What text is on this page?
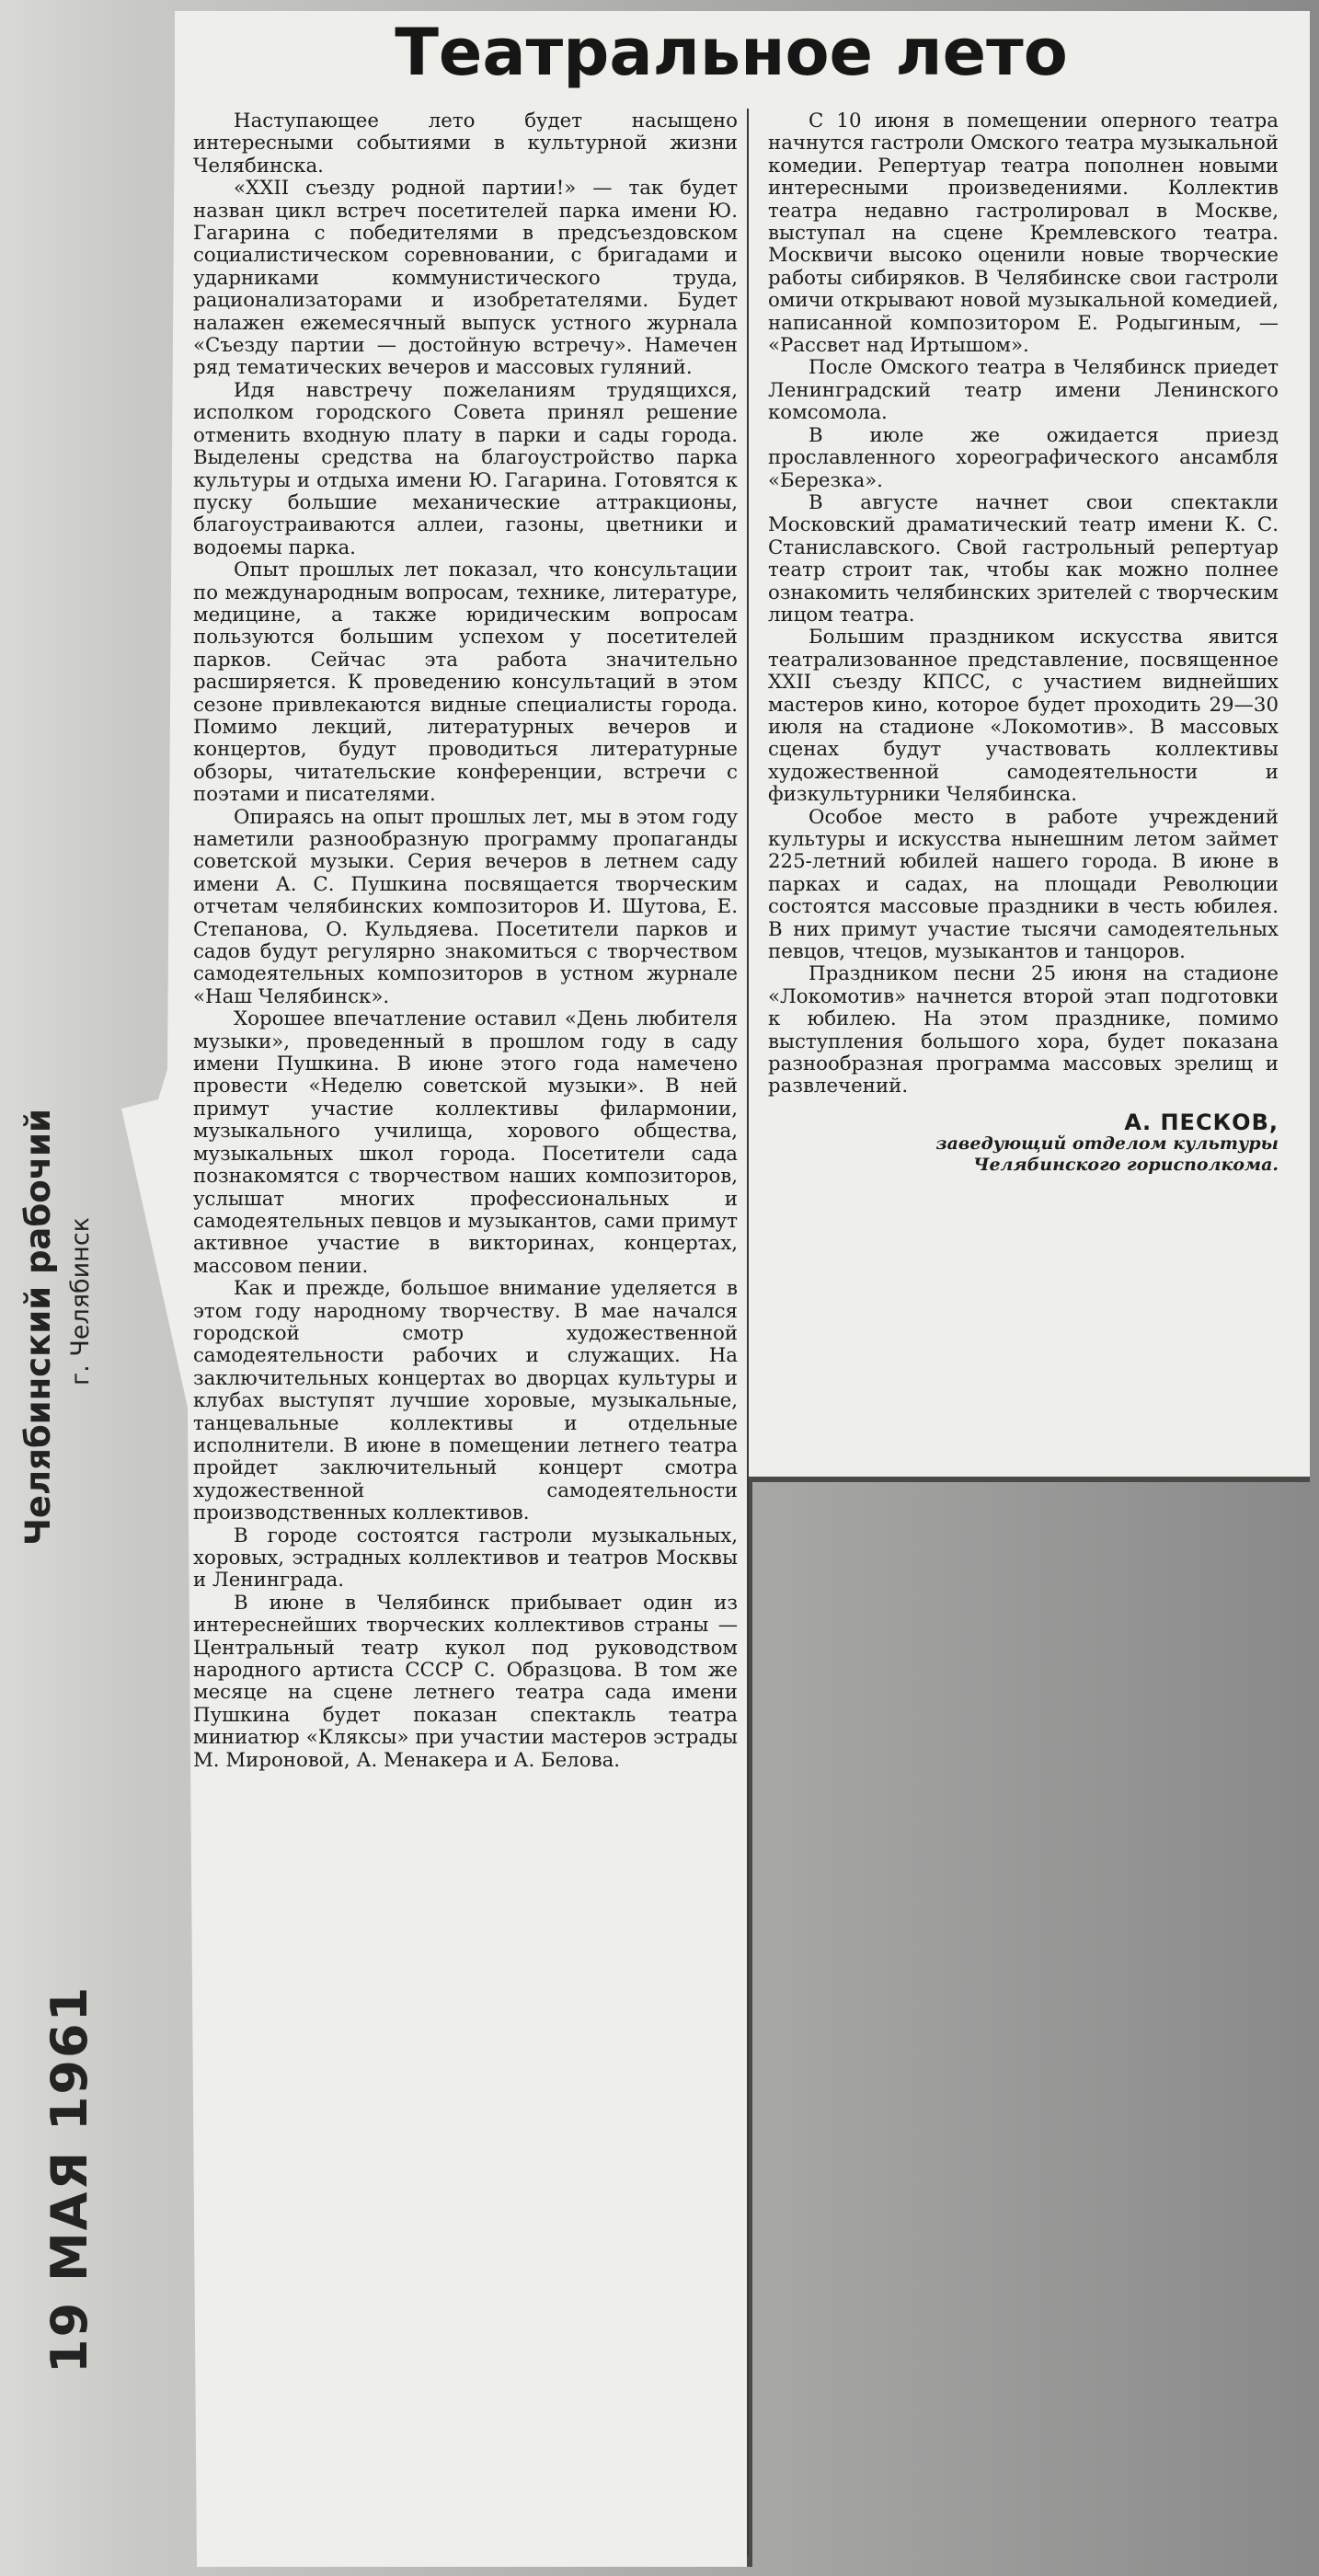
Челябинский рабочий г. Челябинск
19 МАЯ 1961
Театральное лето

Наступающее лето будет насыщено интересными событиями в культурной жизни Челябинска.

«XXII съезду родной партии!» — так будет назван цикл встреч посетителей парка имени Ю. Гагарина с победителями в предсъездовском социалистическом соревновании, с бригадами и ударниками коммунистического труда, рационализаторами и изобретателями. Будет налажен ежемесячный выпуск устного журнала «Съезду партии — достойную встречу». Намечен ряд тематических вечеров и массовых гуляний.

Идя навстречу пожеланиям трудящихся, исполком городского Совета принял решение отменить входную плату в парки и сады города. Выделены средства на благоустройство парка культуры и отдыха имени Ю. Гагарина. Готовятся к пуску большие механические аттракционы, благоустраиваются аллеи, газоны, цветники и водоемы парка.

Опыт прошлых лет показал, что консультации по международным вопросам, технике, литературе, медицине, а также юридическим вопросам пользуются большим успехом у посетителей парков. Сейчас эта работа значительно расширяется. К проведению консультаций в этом сезоне привлекаются видные специалисты города. Помимо лекций, литературных вечеров и концертов, будут проводиться литературные обзоры, читательские конференции, встречи с поэтами и писателями.

Опираясь на опыт прошлых лет, мы в этом году наметили разнообразную программу пропаганды советской музыки. Серия вечеров в летнем саду имени А. С. Пушкина посвящается творческим отчетам челябинских композиторов И. Шутова, Е. Степанова, О. Кульдяева. Посетители парков и садов будут регулярно знакомиться с творчеством самодеятельных композиторов в устном журнале «Наш Челябинск».

Хорошее впечатление оставил «День любителя музыки», проведенный в прошлом году в саду имени Пушкина. В июне этого года намечено провести «Неделю советской музыки». В ней примут участие коллективы филармонии, музыкального училища, хорового общества, музыкальных школ города. Посетители сада познакомятся с творчеством наших композиторов, услышат многих профессиональных и самодеятельных певцов и музыкантов, сами примут активное участие в викторинах, концертах, массовом пении.

Как и прежде, большое внимание уделяется в этом году народному творчеству. В мае начался городской смотр художественной самодеятельности рабочих и служащих. На заключительных концертах во дворцах культуры и клубах выступят лучшие хоровые, музыкальные, танцевальные коллективы и отдельные исполнители. В июне в помещении летнего театра пройдет заключительный концерт смотра художественной самодеятельности производственных коллективов.

В городе состоятся гастроли музыкальных, хоровых, эстрадных коллективов и театров Москвы и Ленинграда.

В июне в Челябинск прибывает один из интереснейших творческих коллективов страны — Центральный театр кукол под руководством народного артиста СССР С. Образцова. В том же месяце на сцене летнего театра сада имени Пушкина будет показан спектакль театра миниатюр «Кляксы» при участии мастеров эстрады М. Мироновой, А. Менакера и А. Белова.

С 10 июня в помещении оперного театра начнутся гастроли Омского театра музыкальной комедии. Репертуар театра пополнен новыми интересными произведениями. Коллектив театра недавно гастролировал в Москве, выступал на сцене Кремлевского театра. Москвичи высоко оценили новые творческие работы сибиряков. В Челябинске свои гастроли омичи открывают новой музыкальной комедией, написанной композитором Е. Родыгиным, — «Рассвет над Иртышом».

После Омского театра в Челябинск приедет Ленинградский театр имени Ленинского комсомола.

В июле же ожидается приезд прославленного хореографического ансамбля «Березка».

В августе начнет свои спектакли Московский драматический театр имени К. С. Станиславского. Свой гастрольный репертуар театр строит так, чтобы как можно полнее ознакомить челябинских зрителей с творческим лицом театра.

Большим праздником искусства явится театрализованное представление, посвященное XXII съезду КПСС, с участием виднейших мастеров кино, которое будет проходить 29—30 июля на стадионе «Локомотив». В массовых сценах будут участвовать коллективы художественной самодеятельности и физкультурники Челябинска.

Особое место в работе учреждений культуры и искусства нынешним летом займет 225-летний юбилей нашего города. В июне в парках и садах, на площади Революции состоятся массовые праздники в честь юбилея. В них примут участие тысячи самодеятельных певцов, чтецов, музыкантов и танцоров.

Праздником песни 25 июня на стадионе «Локомотив» начнется второй этап подготовки к юбилею. На этом празднике, помимо выступления большого хора, будет показана разнообразная программа массовых зрелищ и развлечений.

А. ПЕСКОВ,
заведующий отделом культуры
Челябинского горисполкома.
